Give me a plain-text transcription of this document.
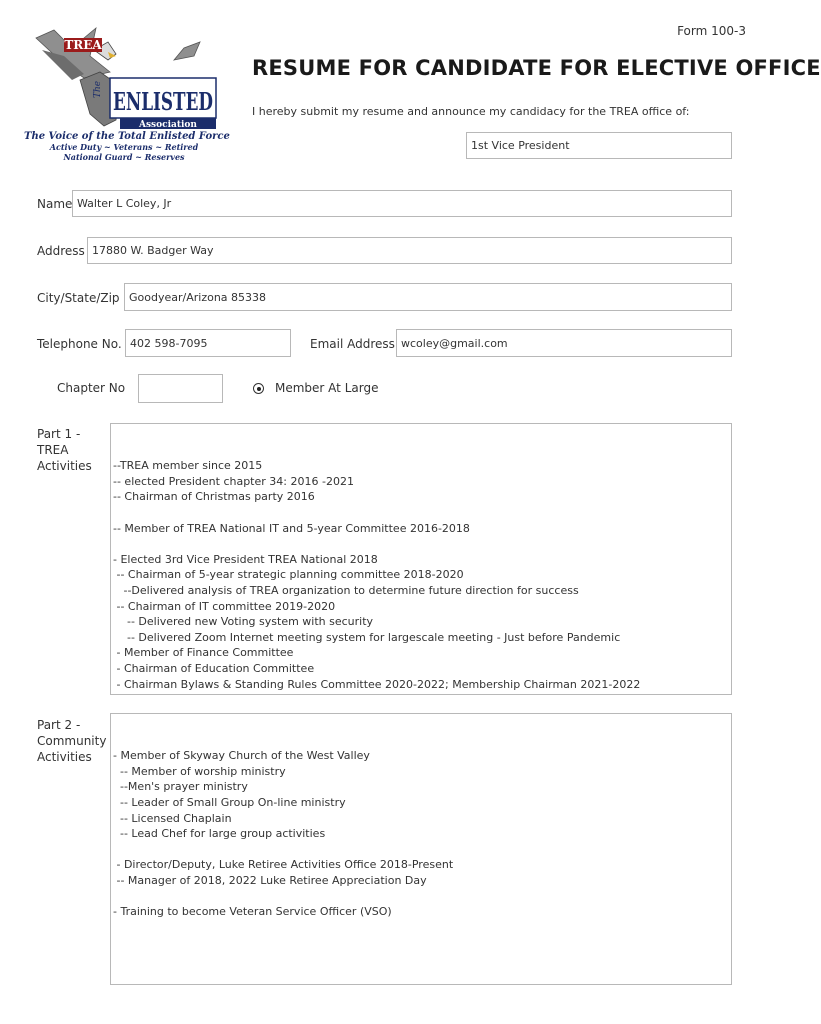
Form 100-3
TREA
The ENLISTED
Association
The Voice of the Total Enlisted Force
Active Duty ~ Veterans ~ Retired
National Guard ~ Reserves
RESUME FOR CANDIDATE FOR ELECTIVE OFFICE
I hereby submit my resume and announce my candidacy for the TREA office of:
1st Vice President
Name Walter L Coley, Jr
Address 17880 W. Badger Way
City/State/Zip Goodyear/Arizona 85338
Telephone No. 402 598-7095	Email Address wcoley@gmail.com
Chapter No	Member At Large
Part 1 -
TREA
Activities

--TREA member since 2015
-- elected President chapter 34: 2016 -2021
-- Chairman of Christmas party 2016
-- Member of TREA National IT and 5-year Committee 2016-2018
- Elected 3rd Vice President TREA National 2018
-- Chairman of 5-year strategic planning committee 2018-2020
--Delivered analysis of TREA organization to determine future direction for success
-- Chairman of IT committee 2019-2020
-- Delivered new Voting system with security
-- Delivered Zoom Internet meeting system for largescale meeting - Just before Pandemic
- Member of Finance Committee
- Chairman of Education Committee
- Chairman Bylaws & Standing Rules Committee 2020-2022; Membership Chairman 2021-2022

Part 2 -
Community
Activities

	- Member of Skyway Church of the West Valley
-- Member of worship ministry
--Men's prayer ministry
-- Leader of Small Group On-line ministry
-- Licensed Chaplain
-- Lead Chef for large group activities
- Director/Deputy, Luke Retiree Activities Office 2018-Present
-- Manager of 2018, 2022 Luke Retiree Appreciation Day
- Training to become Veteran Service Officer (VSO)
